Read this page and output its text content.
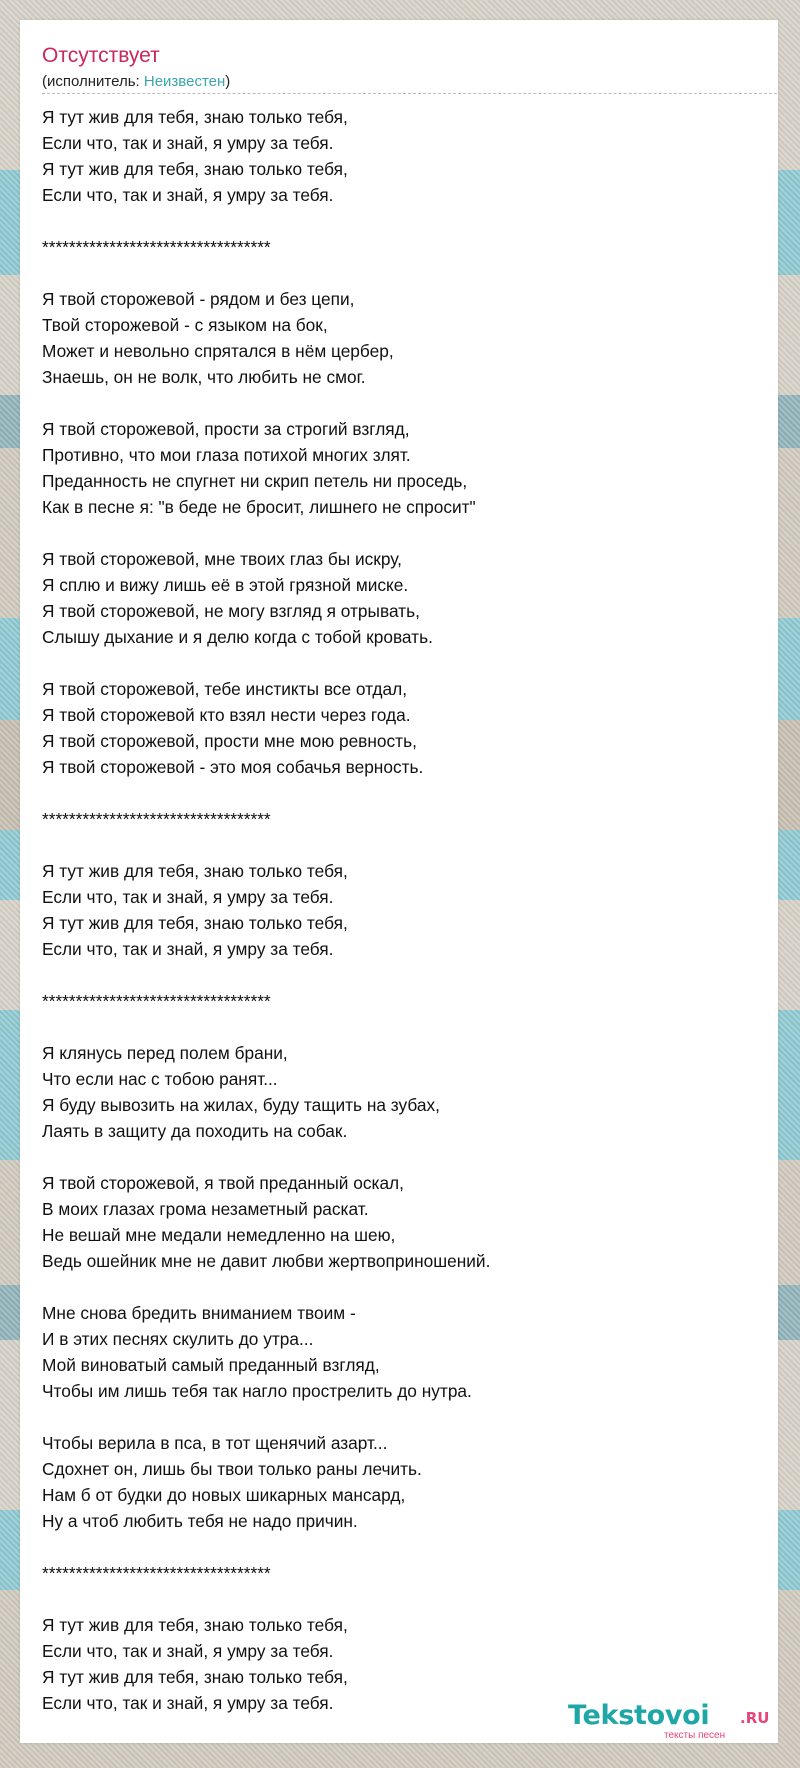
Отсутствует
(исполнитель: Неизвестен)
Я тут жив для тебя, знаю только тебя,
Если что, так и знай, я умру за тебя.
Я тут жив для тебя, знаю только тебя,
Если что, так и знай, я умру за тебя.
**********************************
Я твой сторожевой - рядом и без цепи,
Твой сторожевой - с языком на бок,
Может и невольно спрятался в нём цербер,
Знаешь, он не волк, что любить не смог.
Я твой сторожевой, прости за строгий взгляд,
Противно, что мои глаза потихой многих злят.
Преданность не спугнет ни скрип петель ни проседь,
Как в песне я: "в беде не бросит, лишнего не спросит"
Я твой сторожевой, мне твоих глаз бы искру,
Я сплю и вижу лишь её в этой грязной миске.
Я твой сторожевой, не могу взгляд я отрывать,
Слышу дыхание и я делю когда с тобой кровать.
Я твой сторожевой, тебе инстикты все отдал,
Я твой сторожевой кто взял нести через года.
Я твой сторожевой, прости мне мою ревность,
Я твой сторожевой - это моя собачья верность.
**********************************
Я тут жив для тебя, знаю только тебя,
Если что, так и знай, я умру за тебя.
Я тут жив для тебя, знаю только тебя,
Если что, так и знай, я умру за тебя.
**********************************
Я клянусь перед полем брани,
Что если нас с тобою ранят...
Я буду вывозить на жилах, буду тащить на зубах,
Лаять в защиту да походить на собак.
Я твой сторожевой, я твой преданный оскал,
В моих глазах грома незаметный раскат.
Не вешай мне медали немедленно на шею,
Ведь ошейник мне не давит любви жертвоприношений.
Мне снова бредить вниманием твоим -
И в этих песнях скулить до утра...
Мой виноватый самый преданный взгляд,
Чтобы им лишь тебя так нагло прострелить до нутра.
Чтобы верила в пса, в тот щенячий азарт...
Сдохнет он, лишь бы твои только раны лечить.
Нам б от будки до новых шикарных мансард,
Ну а чтоб любить тебя не надо причин.
**********************************
Я тут жив для тебя, знаю только тебя,
Если что, так и знай, я умру за тебя.
Я тут жив для тебя, знаю только тебя,
Если что, так и знай, я умру за тебя.	Tekstovoi .RU
тексты песен
